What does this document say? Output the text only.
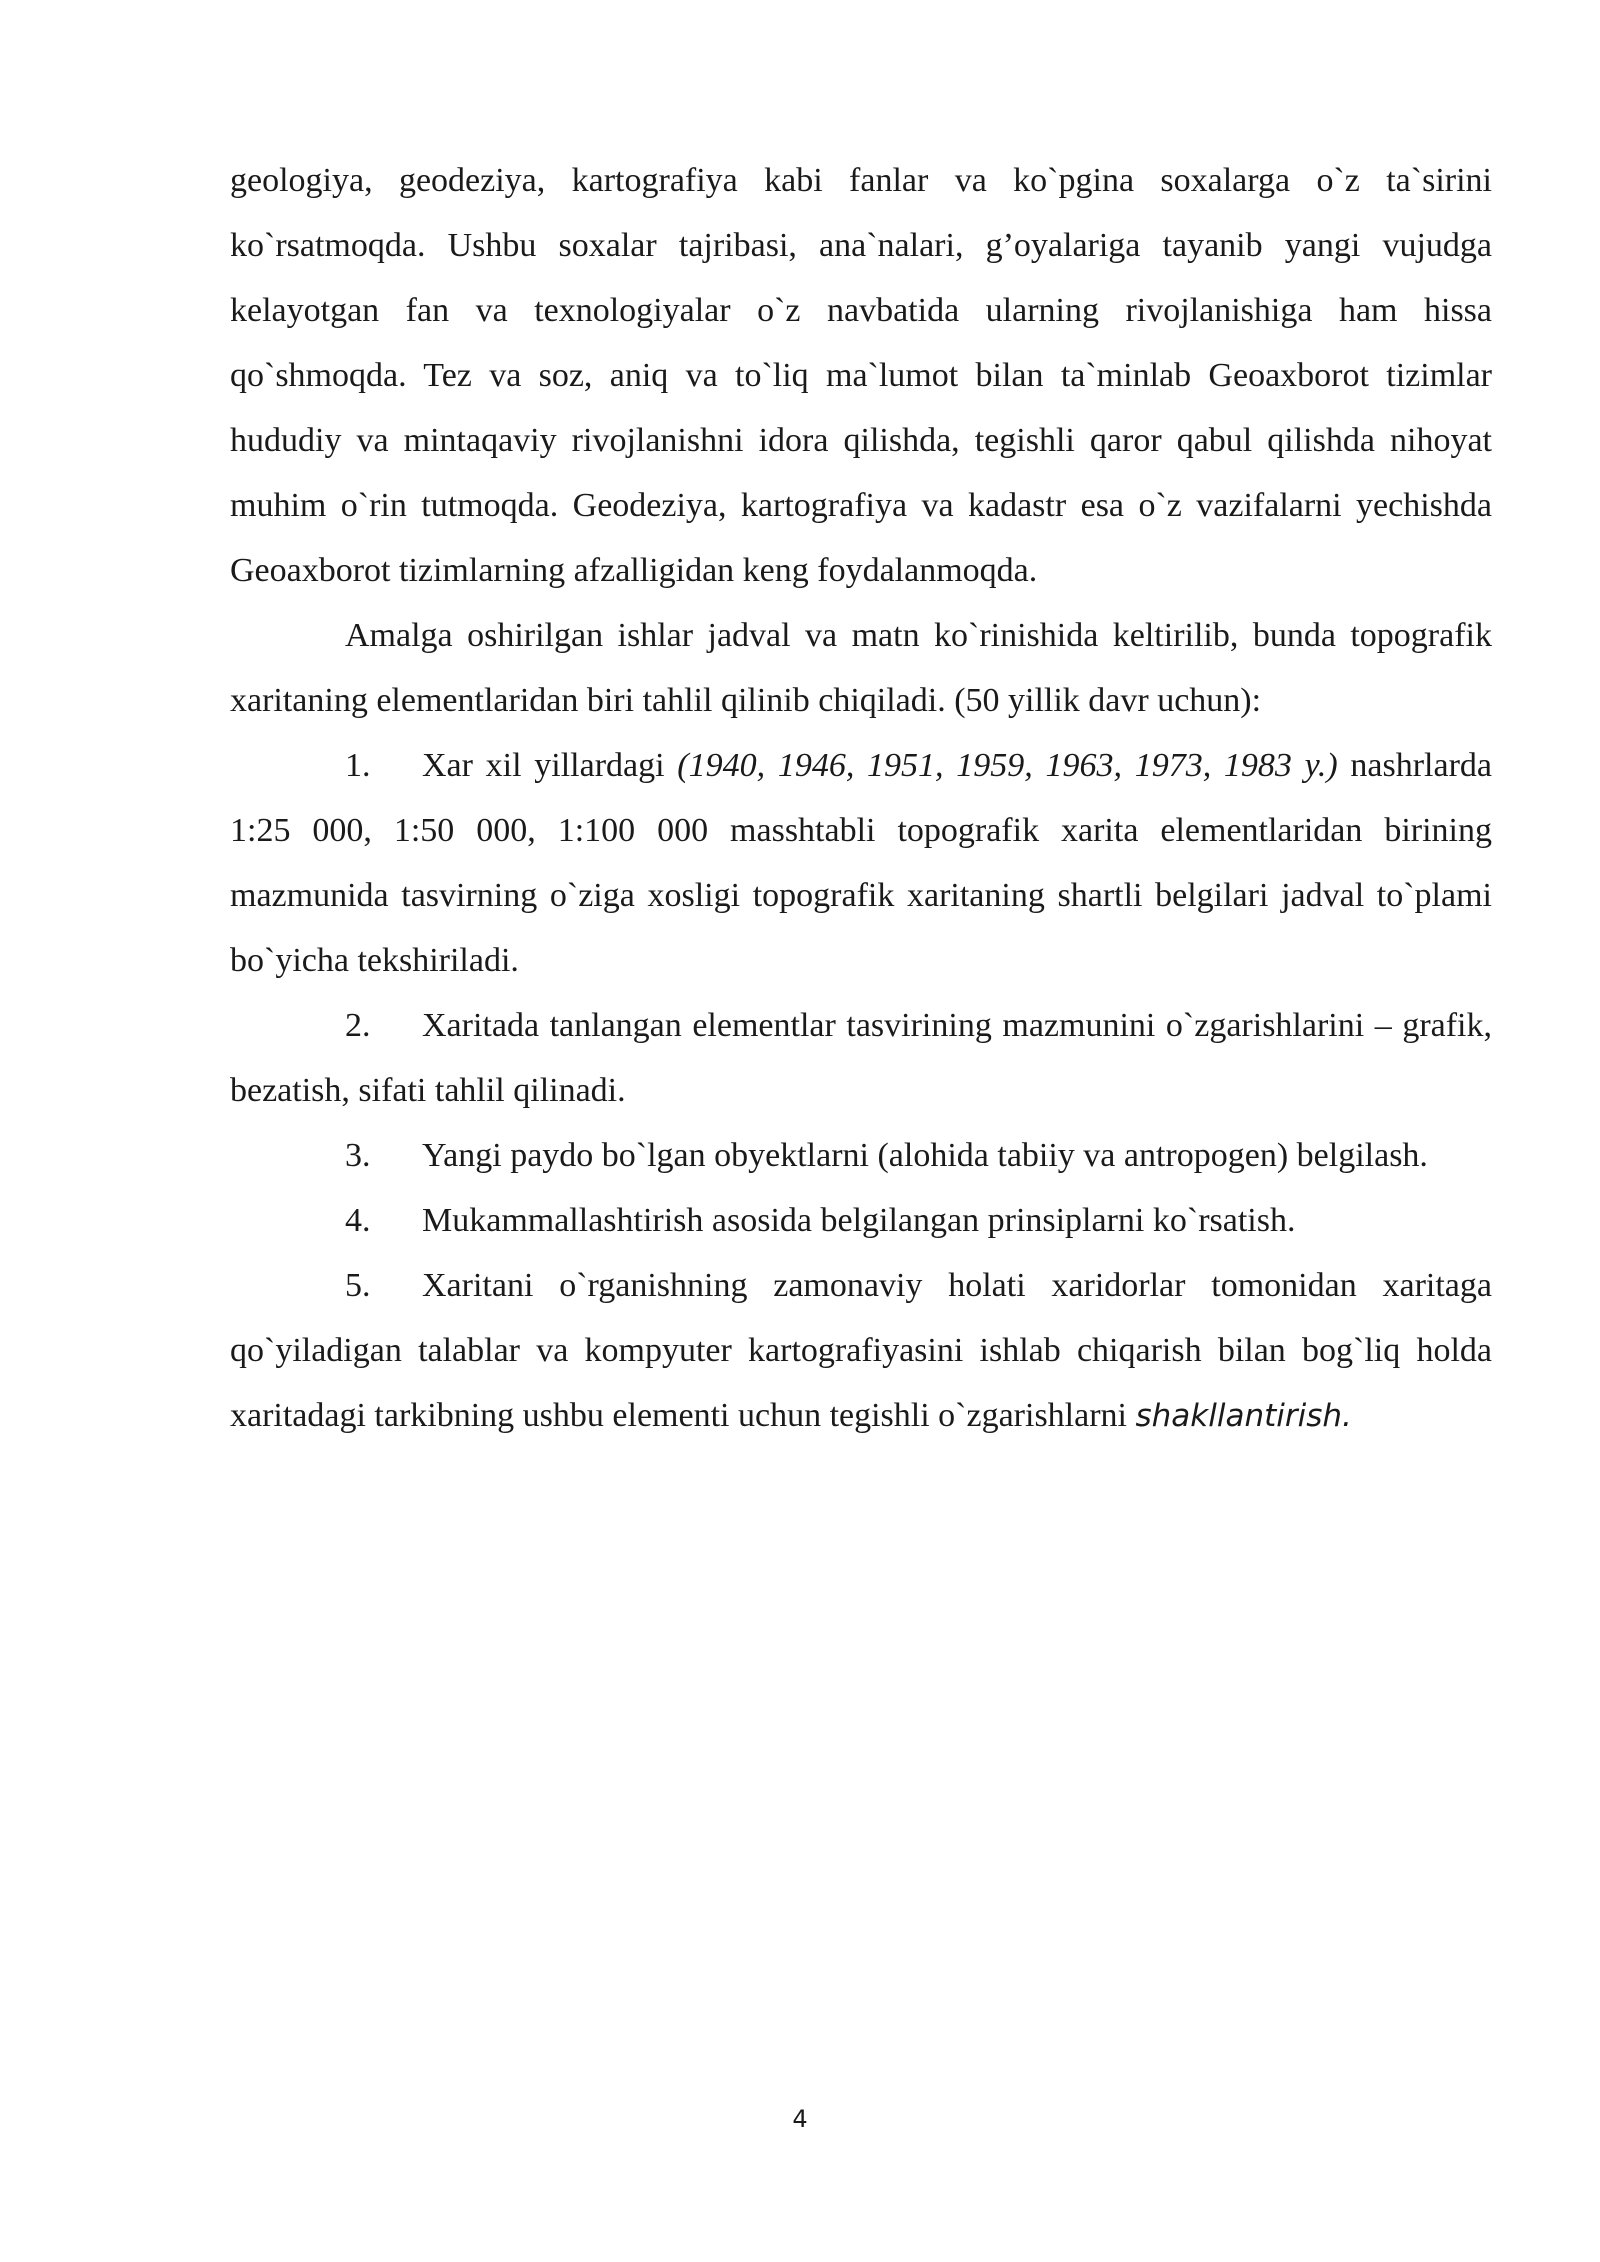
geologiya, geodeziya, kartografiya kabi fanlar va ko`pgina soxalarga o`z ta`sirini ko`rsatmoqda. Ushbu soxalar tajribasi, ana`nalari, g’oyalariga tayanib yangi vujudga kelayotgan fan va texnologiyalar o`z navbatida ularning rivojlanishiga ham hissa qo`shmoqda. Tez va soz, aniq va to`liq ma`lumot bilan ta`minlab Geoaxborot tizimlar hududiy va mintaqaviy rivojlanishni idora qilishda, tegishli qaror qabul qilishda nihoyat muhim o`rin tutmoqda. Geodeziya, kartografiya va kadastr esa o`z vazifalarni yechishda Geoaxborot tizimlarning afzalligidan keng foydalanmoqda.

Amalga oshirilgan ishlar jadval va matn ko`rinishida keltirilib, bunda topografik xaritaning elementlaridan biri tahlil qilinib chiqiladi. (50 yillik davr uchun):

1. Xar xil yillardagi (1940, 1946, 1951, 1959, 1963, 1973, 1983 y.) nashrlarda 1:25 000, 1:50 000, 1:100 000 masshtabli topografik xarita elementlaridan birining mazmunida tasvirning o`ziga xosligi topografik xaritaning shartli belgilari jadval to`plami bo`yicha tekshiriladi.

2. Xaritada tanlangan elementlar tasvirining mazmunini o`zgarishlarini – grafik, bezatish, sifati tahlil qilinadi.

3. Yangi paydo bo`lgan obyektlarni (alohida tabiiy va antropogen) belgilash.

4. Mukammallashtirish asosida belgilangan prinsiplarni ko`rsatish.

5. Xaritani o`rganishning zamonaviy holati xaridorlar tomonidan xaritaga qo`yiladigan talablar va kompyuter kartografiyasini ishlab chiqarish bilan bog`liq holda xaritadagi tarkibning ushbu elementi uchun tegishli o`zgarishlarni shakllantirish.

4
